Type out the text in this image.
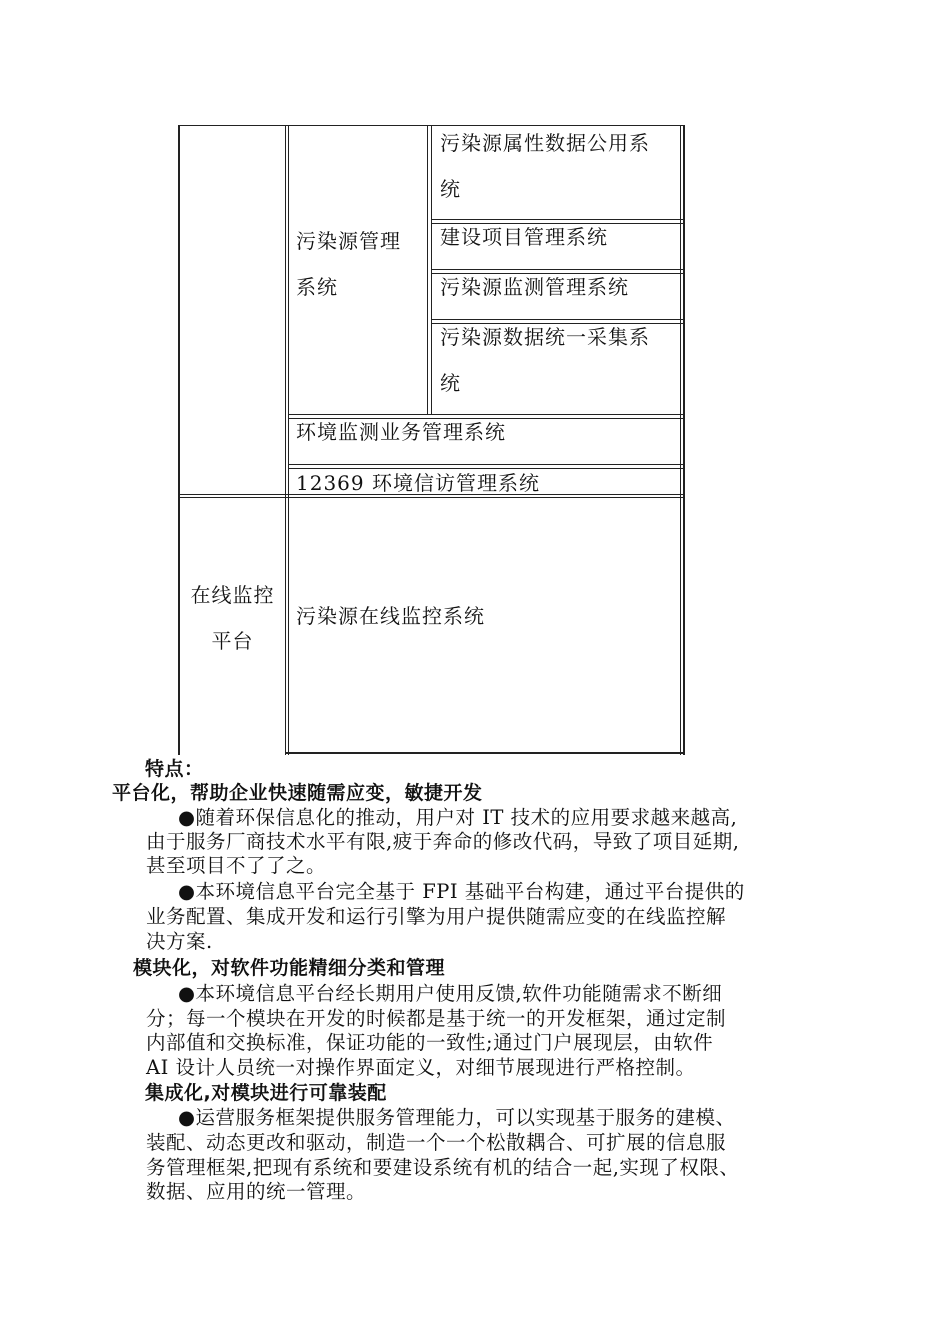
污染源管理
系统
污染源属性数据公用系
统
建设项目管理系统
污染源监测管理系统
污染源数据统一采集系
统
环境监测业务管理系统
12369 环境信访管理系统
在线监控
平台
污染源在线监控系统
特点：
平台化，帮助企业快速随需应变，敏捷开发
●随着环保信息化的推动，用户对 IT 技术的应用要求越来越高,
由于服务厂商技术水平有限,疲于奔命的修改代码，导致了项目延期,
甚至项目不了了之。
●本环境信息平台完全基于 FPI 基础平台构建，通过平台提供的
业务配置、集成开发和运行引擎为用户提供随需应变的在线监控解
决方案.
模块化，对软件功能精细分类和管理
●本环境信息平台经长期用户使用反馈,软件功能随需求不断细
分；每一个模块在开发的时候都是基于统一的开发框架，通过定制
内部值和交换标准，保证功能的一致性;通过门户展现层，由软件
AI 设计人员统一对操作界面定义，对细节展现进行严格控制。
集成化,对模块进行可靠装配
●运营服务框架提供服务管理能力，可以实现基于服务的建模、
装配、动态更改和驱动，制造一个一个松散耦合、可扩展的信息服
务管理框架,把现有系统和要建设系统有机的结合一起,实现了权限、
数据、应用的统一管理。
